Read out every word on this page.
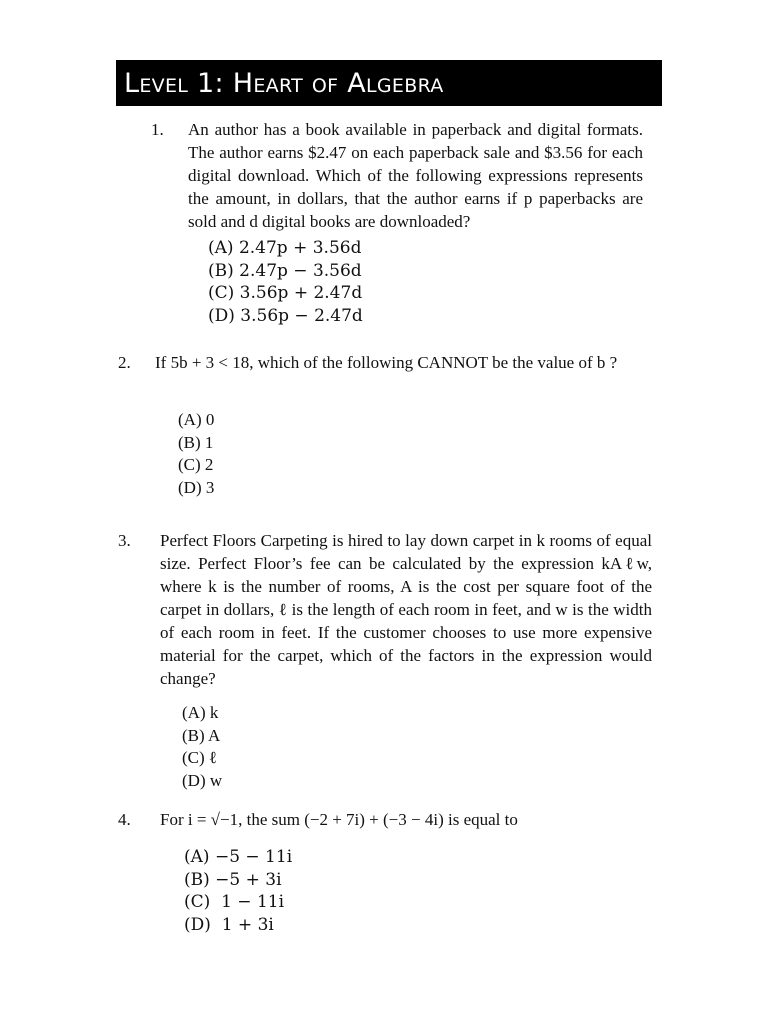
Level 1: Heart of Algebra
1. An author has a book available in paperback and digital formats. The author earns $2.47 on each paperback sale and $3.56 for each digital download. Which of the following expressions represents the amount, in dollars, that the author earns if p paperbacks are sold and d digital books are downloaded?
(A) 2.47p + 3.56d
(B) 2.47p − 3.56d
(C) 3.56p + 2.47d
(D) 3.56p − 2.47d
2. If 5b + 3 < 18, which of the following CANNOT be the value of b ?
(A) 0
(B) 1
(C) 2
(D) 3
3. Perfect Floors Carpeting is hired to lay down carpet in k rooms of equal size. Perfect Floor’s fee can be calculated by the expression kAℓw, where k is the number of rooms, A is the cost per square foot of the carpet in dollars, ℓ is the length of each room in feet, and w is the width of each room in feet. If the customer chooses to use more expensive material for the carpet, which of the factors in the expression would change?
(A) k
(B) A
(C) ℓ
(D) w
4. For i = √−1, the sum (−2 + 7i) + (−3 − 4i) is equal to
(A) −5 − 11i
(B) −5 + 3i
(C)  1 − 11i
(D)  1 + 3i
